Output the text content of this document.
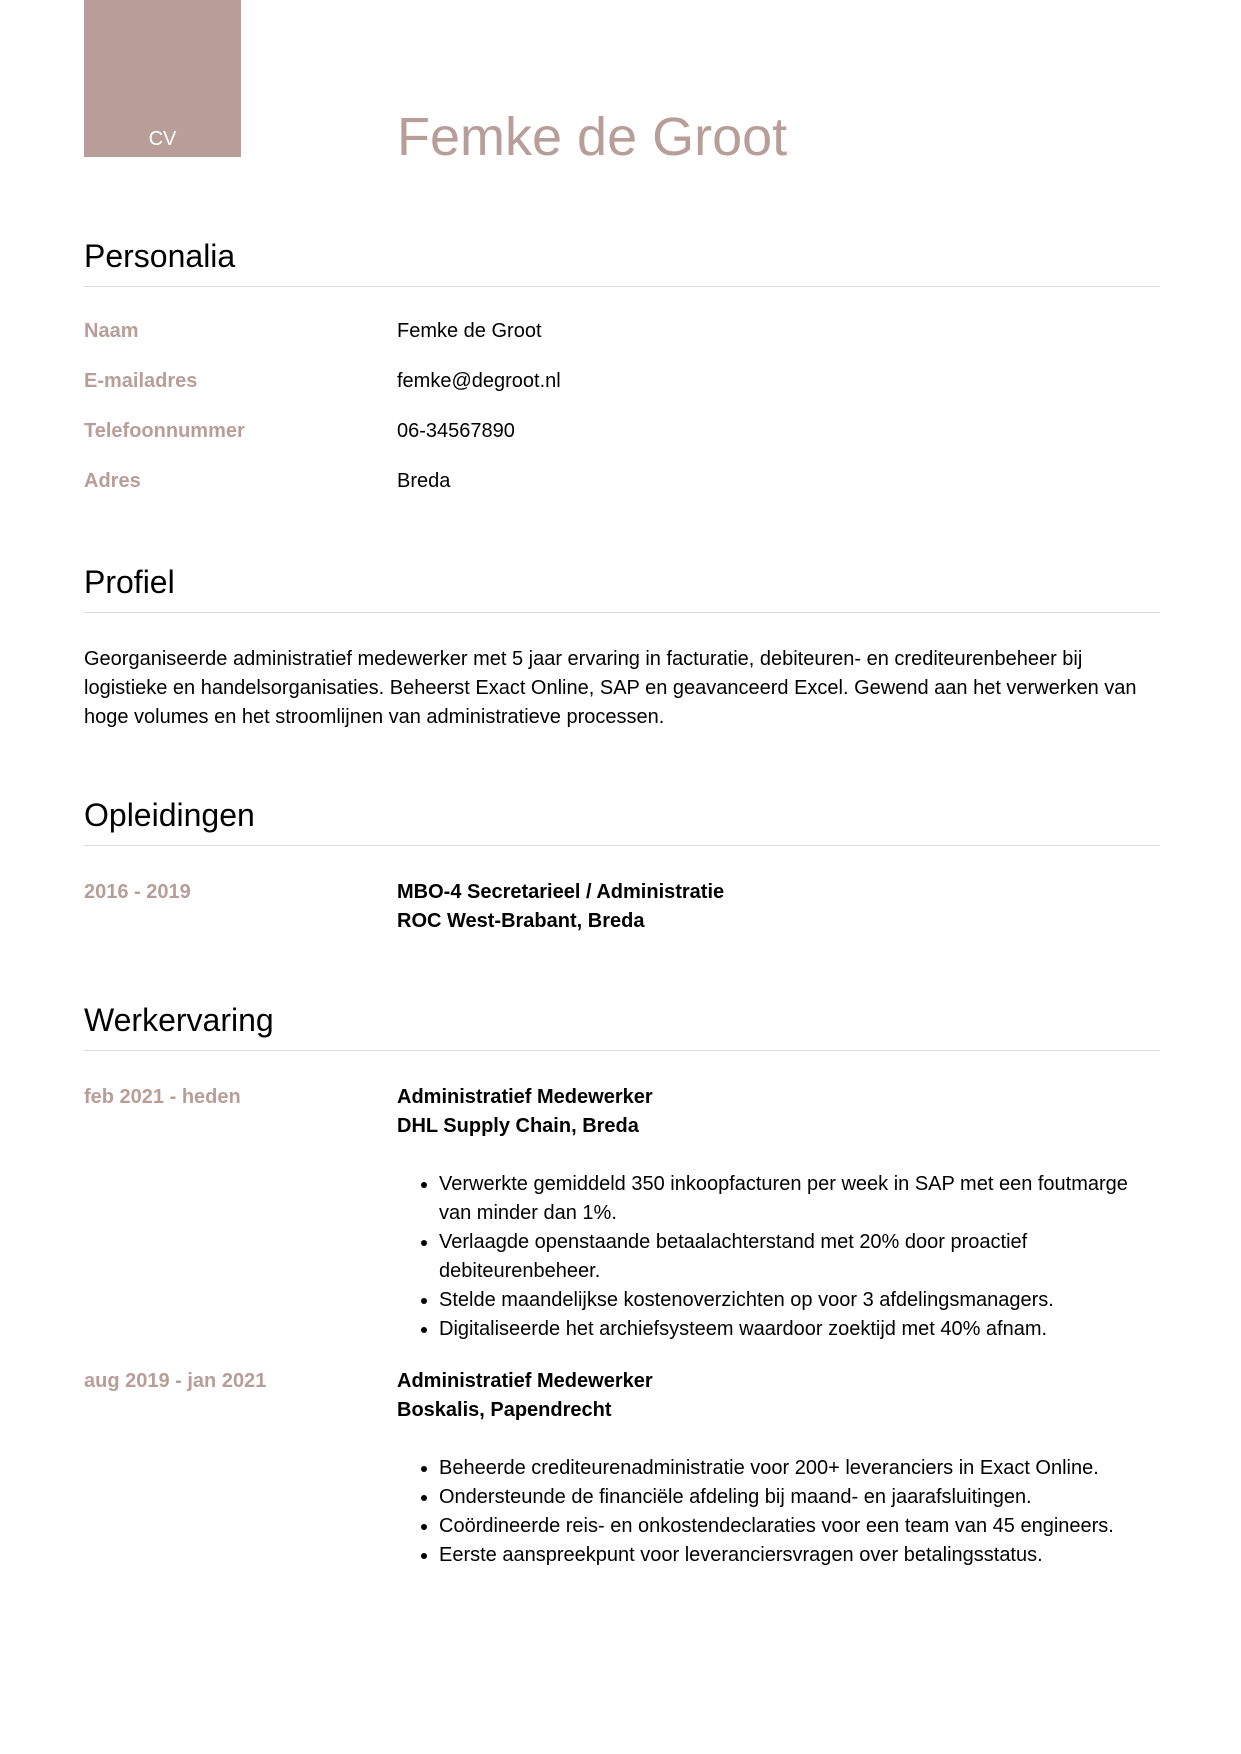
CV	Femke de Groot
Personalia
Naam	Femke de Groot
E-mailadres	femke@degroot.nl
Telefoonnummer	06-34567890
Adres	Breda
Profiel
Georganiseerde administratief medewerker met 5 jaar ervaring in facturatie, debiteuren- en crediteurenbeheer bij logistieke en handelsorganisaties. Beheerst Exact Online, SAP en geavanceerd Excel. Gewend aan het verwerken van hoge volumes en het stroomlijnen van administratieve processen.
Opleidingen
2016 - 2019	MBO-4 Secretarieel / Administratie
ROC West-Brabant, Breda
Werkervaring
feb 2021 - heden	Administratief Medewerker
DHL Supply Chain, Breda
• Verwerkte gemiddeld 350 inkoopfacturen per week in SAP met een foutmarge van minder dan 1%.
• Verlaagde openstaande betaalachterstand met 20% door proactief debiteurenbeheer.
• Stelde maandelijkse kostenoverzichten op voor 3 afdelingsmanagers.
• Digitaliseerde het archiefsysteem waardoor zoektijd met 40% afnam.
aug 2019 - jan 2021	Administratief Medewerker
Boskalis, Papendrecht
• Beheerde crediteurenadministratie voor 200+ leveranciers in Exact Online.
• Ondersteunde de financiële afdeling bij maand- en jaarafsluitingen.
• Coördineerde reis- en onkostendeclaraties voor een team van 45 engineers.
• Eerste aanspreekpunt voor leveranciersvragen over betalingsstatus.
